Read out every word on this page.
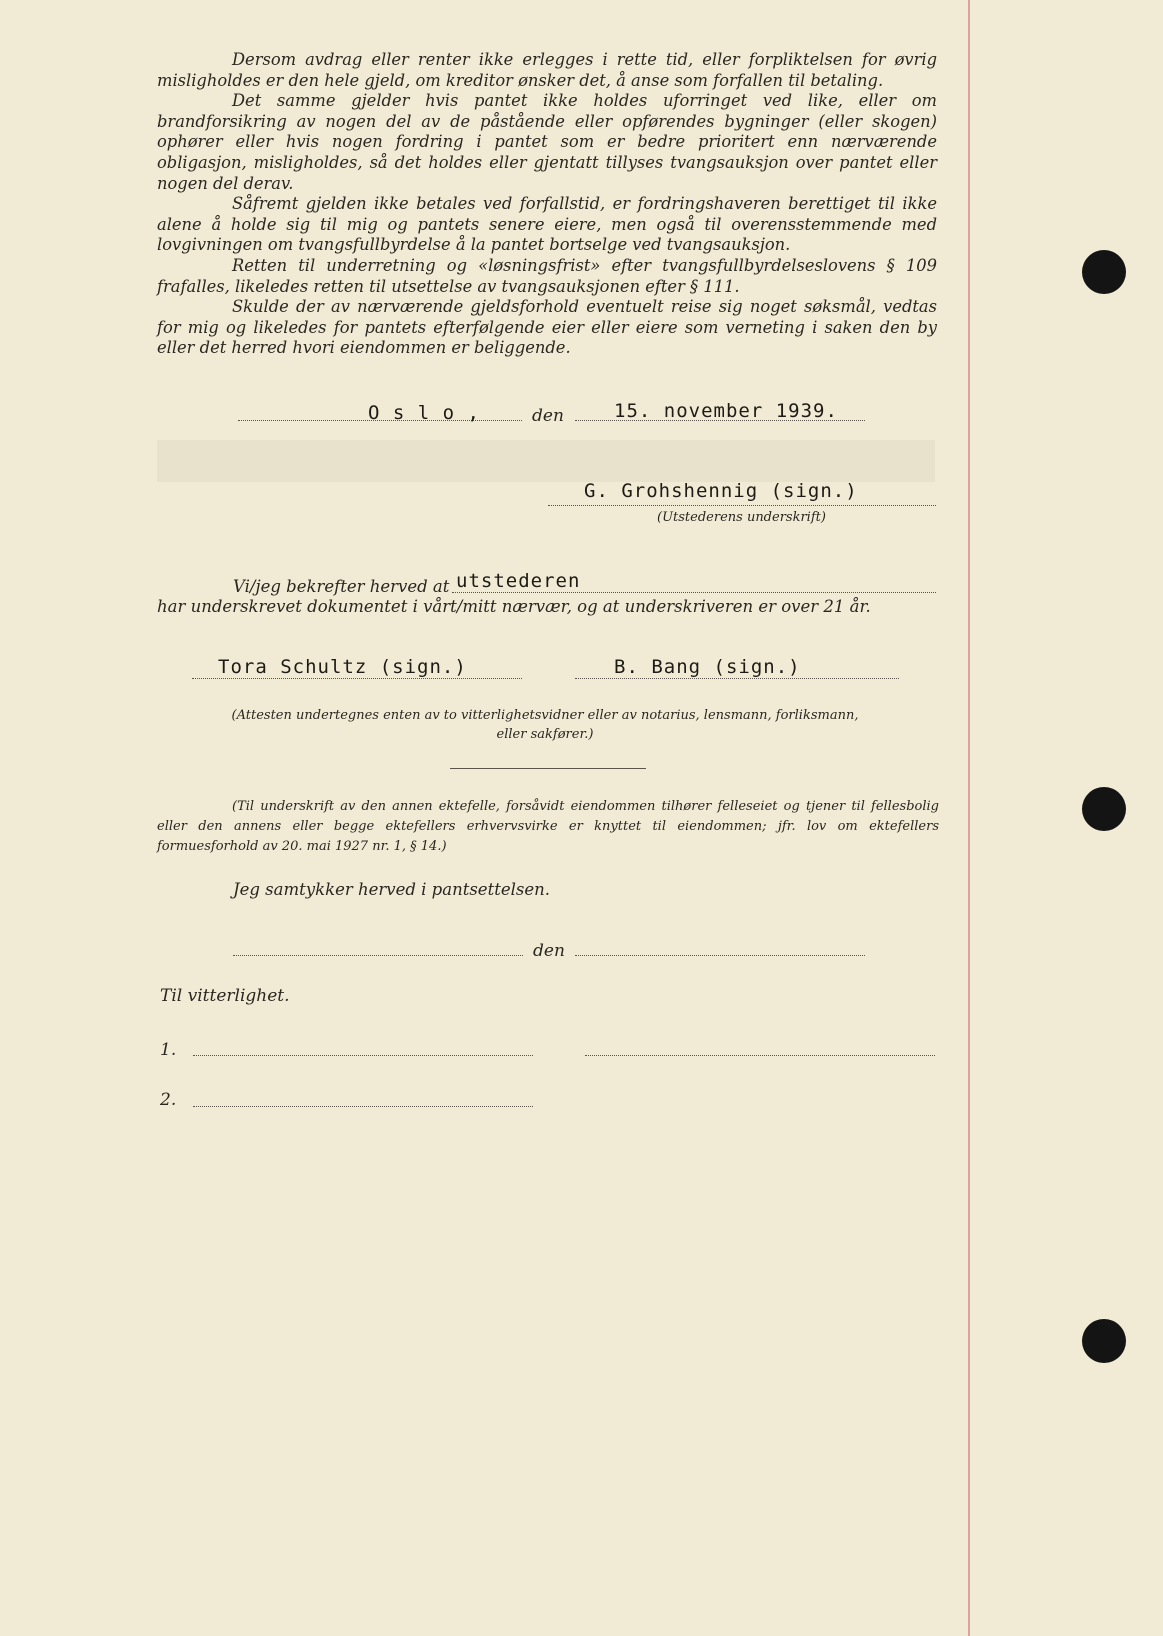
Dersom avdrag eller renter ikke erlegges i rette tid, eller forpliktelsen for øvrig misligholdes er den hele gjeld, om kreditor ønsker det, å anse som forfallen til betaling.

Det samme gjelder hvis pantet ikke holdes uforringet ved like, eller om brandforsikring av nogen del av de påstående eller opførendes bygninger (eller skogen) ophører eller hvis nogen fordring i pantet som er bedre prioritert enn nærværende obligasjon, misligholdes, så det holdes eller gjentatt tillyses tvangsauksjon over pantet eller nogen del derav.

Såfremt gjelden ikke betales ved forfallstid, er fordringshaveren berettiget til ikke alene å holde sig til mig og pantets senere eiere, men også til overensstemmende med lovgivningen om tvangsfullbyrdelse å la pantet bortselge ved tvangsauksjon.

Retten til underretning og «løsningsfrist» efter tvangsfullbyrdelseslovens § 109 frafalles, likeledes retten til utsettelse av tvangsauksjonen efter § 111.

Skulde der av nærværende gjeldsforhold eventuelt reise sig noget søksmål, vedtas for mig og likeledes for pantets efterfølgende eier eller eiere som verneting i saken den by eller det herred hvori eiendommen er beliggende.

O s l o ,	den	15. november 1939.
G. Grohshennig (sign.)
(Utstederens underskrift)
Vi/jeg bekrefter herved at utstederen
har underskrevet dokumentet i vårt/mitt nærvær, og at underskriveren er over 21 år.
Tora Schultz (sign.)	B. Bang (sign.)
(Attesten undertegnes enten av to vitterlighetsvidner eller av notarius, lensmann, forliksmann, eller sakfører.)
(Til underskrift av den annen ektefelle, forsåvidt eiendommen tilhører felleseiet og tjener til fellesbolig eller den annens eller begge ektefellers erhvervsvirke er knyttet til eiendommen; jfr. lov om ektefellers formuesforhold av 20. mai 1927 nr. 1, § 14.)
Jeg samtykker herved i pantsettelsen.
den
Til vitterlighet.
1.
2.
